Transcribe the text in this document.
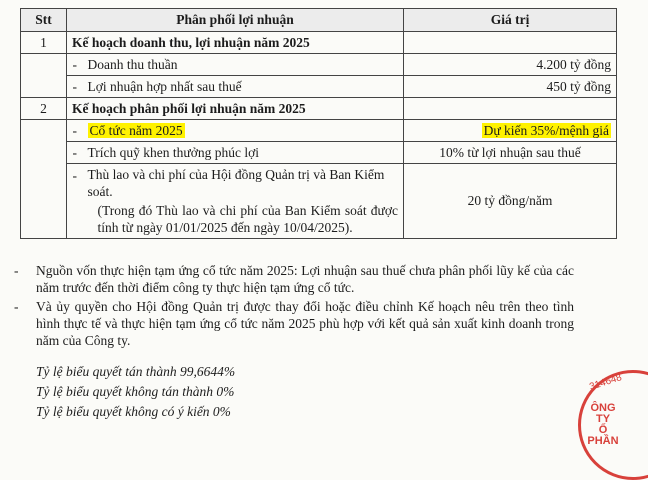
Stt	Phân phối lợi nhuận		Giá trị
1	Kế hoạch doanh thu, lợi nhuận năm 2025		
	-	Doanh thu thuần	4.200 tỷ đồng
	-	Lợi nhuận hợp nhất sau thuế	450 tỷ đồng
2	Kế hoạch phân phối lợi nhuận năm 2025		
	-	Cổ tức năm 2025	Dự kiến 35%/mệnh giá
	-	Trích quỹ khen thưởng phúc lợi	10% từ lợi nhuận sau thuế
	-	Thù lao và chi phí của Hội đồng Quản trị và Ban Kiểm soát.
(Trong đó Thù lao và chi phí của Ban Kiểm soát được tính từ ngày 01/01/2025 đến ngày 10/04/2025).	20 tỷ đồng/năm
-	Nguồn vốn thực hiện tạm ứng cổ tức năm 2025: Lợi nhuận sau thuế chưa phân phối lũy kế của các năm trước đến thời điểm công ty thực hiện tạm ứng cổ tức.
-	Và ủy quyền cho Hội đồng Quản trị được thay đổi hoặc điều chỉnh Kế hoạch nêu trên theo tình hình thực tế và thực hiện tạm ứng cổ tức năm 2025 phù hợp với kết quả sản xuất kinh doanh trong năm của Công ty.
Tỷ lệ biểu quyết tán thành 99,6644%
Tỷ lệ biểu quyết không tán thành 0%
Tỷ lệ biểu quyết không có ý kiến 0%
314648
ÔNG TY
Ổ PHẦN
